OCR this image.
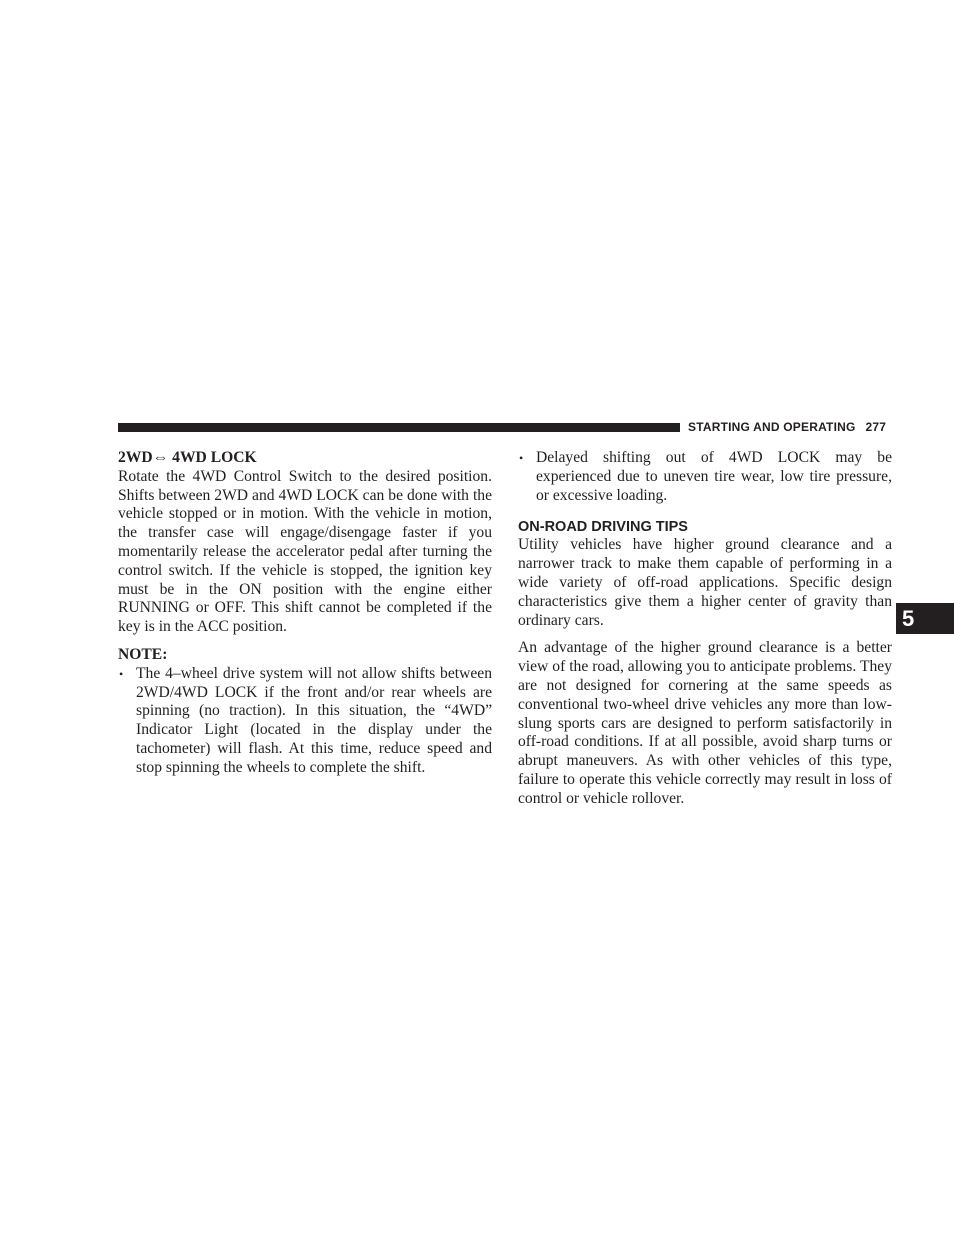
STARTING AND OPERATING 277
5

2WD⇔ 4WD LOCK

Rotate the 4WD Control Switch to the desired position. Shifts between 2WD and 4WD LOCK can be done with the vehicle stopped or in motion. With the vehicle in motion, the transfer case will engage/disengage faster if you momentarily release the accelerator pedal after turning the control switch. If the vehicle is stopped, the ignition key must be in the ON position with the engine either RUNNING or OFF. This shift cannot be completed if the key is in the ACC position.

NOTE:

• The 4–wheel drive system will not allow shifts between 2WD/4WD LOCK if the front and/or rear wheels are spinning (no traction). In this situation, the “4WD” Indicator Light (located in the display under the tachometer) will flash. At this time, reduce speed and stop spinning the wheels to complete the shift.
• Delayed shifting out of 4WD LOCK may be experienced due to uneven tire wear, low tire pressure, or excessive loading.

ON-ROAD DRIVING TIPS

Utility vehicles have higher ground clearance and a narrower track to make them capable of performing in a wide variety of off-road applications. Specific design characteristics give them a higher center of gravity than ordinary cars.

An advantage of the higher ground clearance is a better view of the road, allowing you to anticipate problems. They are not designed for cornering at the same speeds as conventional two-wheel drive vehicles any more than low-slung sports cars are designed to perform satisfactorily in off-road conditions. If at all possible, avoid sharp turns or abrupt maneuvers. As with other vehicles of this type, failure to operate this vehicle correctly may result in loss of control or vehicle rollover.
